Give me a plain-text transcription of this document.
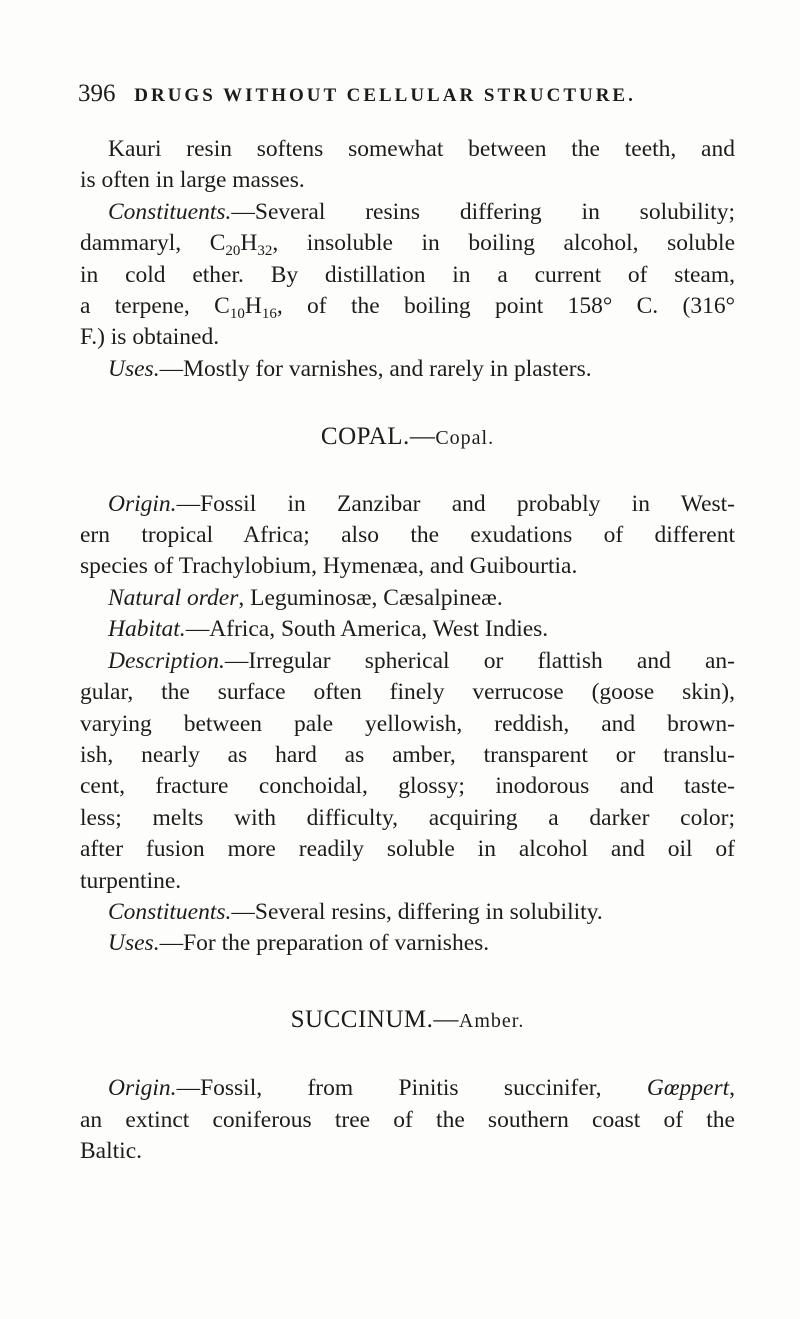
396 DRUGS WITHOUT CELLULAR STRUCTURE.

Kauri resin softens somewhat between the teeth, and

is often in large masses.

Constituents.—Several resins differing in solubility;

dammaryl, $C_{20}H_{32}$, insoluble in boiling alcohol, soluble

in cold ether. By distillation in a current of steam,

a terpene, $C_{10}H_{16}$, of the boiling point 158° C. (316°

F.) is obtained.

Uses.—Mostly for varnishes, and rarely in plasters.

COPAL.—Copal.

Origin.—Fossil in Zanzibar and probably in West-

ern tropical Africa; also the exudations of different

species of Trachylobium, Hymenæa, and Guibourtia.

Natural order, Leguminosæ, Cæsalpineæ.

Habitat.—Africa, South America, West Indies.

Description.—Irregular spherical or flattish and an-

gular, the surface often finely verrucose (goose skin),

varying between pale yellowish, reddish, and brown-

ish, nearly as hard as amber, transparent or translu-

cent, fracture conchoidal, glossy; inodorous and taste-

less; melts with difficulty, acquiring a darker color;

after fusion more readily soluble in alcohol and oil of

turpentine.

Constituents.—Several resins, differing in solubility.

Uses.—For the preparation of varnishes.

SUCCINUM.—Amber.

Origin.—Fossil, from Pinitis succinifer, Gœppert,

an extinct coniferous tree of the southern coast of the

Baltic.
